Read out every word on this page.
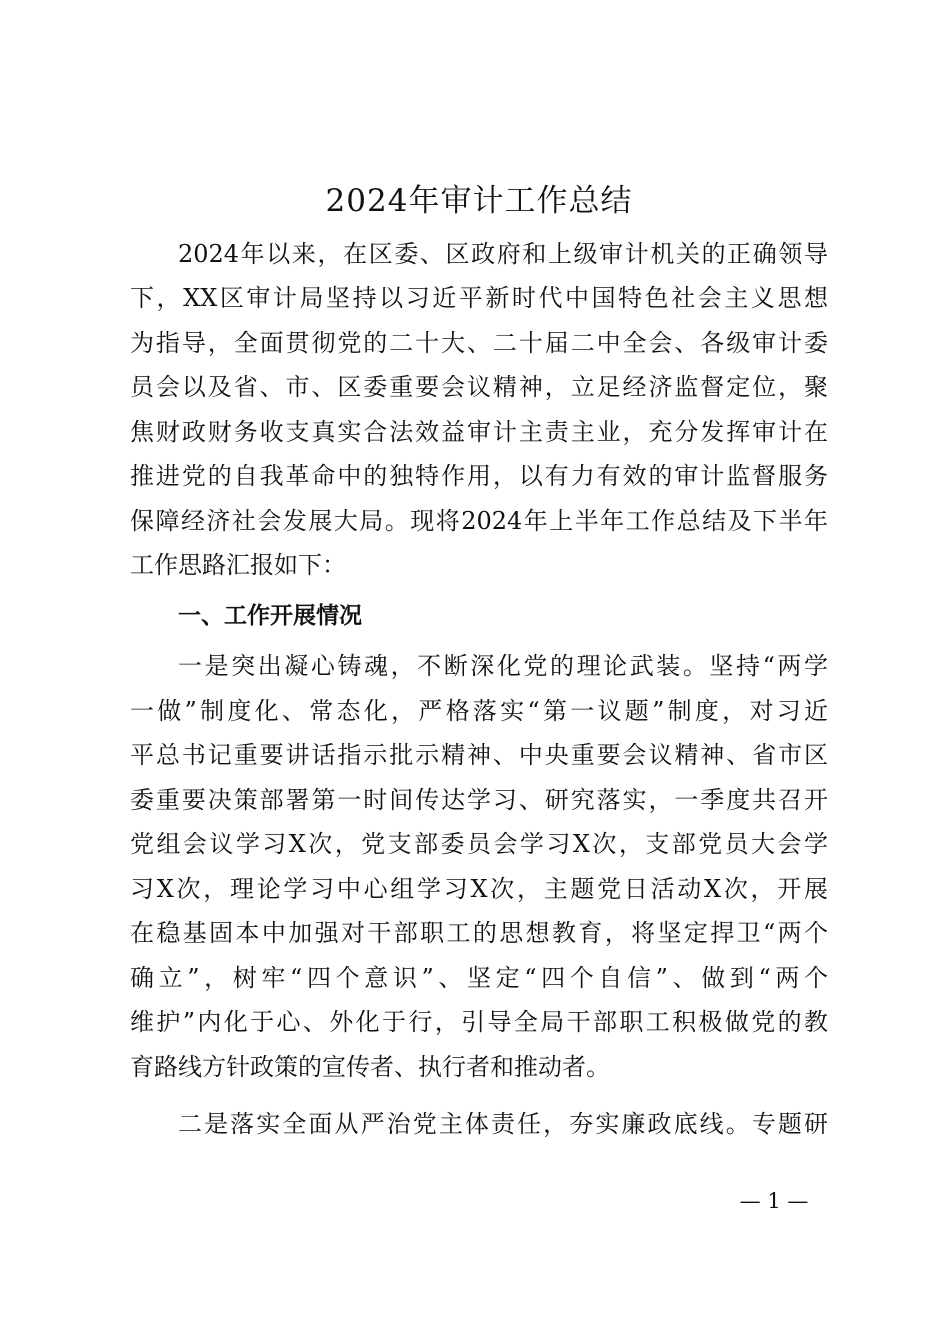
2024年审计工作总结

2024年以来，在区委、区政府和上级审计机关的正确领导

下，XX区审计局坚持以习近平新时代中国特色社会主义思想

为指导，全面贯彻党的二十大、二十届二中全会、各级审计委

员会以及省、市、区委重要会议精神，立足经济监督定位，聚

焦财政财务收支真实合法效益审计主责主业，充分发挥审计在

推进党的自我革命中的独特作用，以有力有效的审计监督服务

保障经济社会发展大局。现将2024年上半年工作总结及下半年

工作思路汇报如下：

一、工作开展情况

一是突出凝心铸魂，不断深化党的理论武装。坚持“两学

一做”制度化、常态化，严格落实“第一议题”制度，对习近

平总书记重要讲话指示批示精神、中央重要会议精神、省市区

委重要决策部署第一时间传达学习、研究落实，一季度共召开

党组会议学习X次，党支部委员会学习X次，支部党员大会学

习X次，理论学习中心组学习X次，主题党日活动X次，开展

在稳基固本中加强对干部职工的思想教育，将坚定捍卫“两个

确立”，树牢“四个意识”、坚定“四个自信”、做到“两个

维护”内化于心、外化于行，引导全局干部职工积极做党的教

育路线方针政策的宣传者、执行者和推动者。

二是落实全面从严治党主体责任，夯实廉政底线。专题研

— 1 —
